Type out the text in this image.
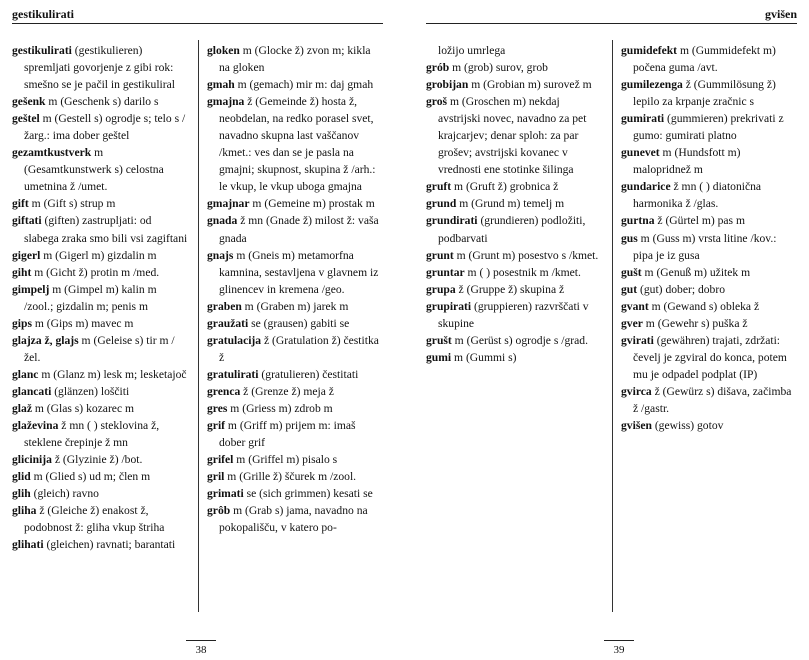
gestikulirati

gestikulirati (gestikulieren) spremljati govorjenje z gibi rok: smešno se je pačil in gestikuliral

gešenk m (Geschenk s) darilo s

geštel m (Gestell s) ogrodje s; telo s /žarg.: ima dober geštel

gezamtkustverk m (Gesamtkunstwerk s) celostna umetnina ž /umet.

gift m (Gift s) strup m

giftati (giften) zastrupljati: od slabega zraka smo bili vsi zagiftani

gigerl m (Gigerl m) gizdalin m

giht m (Gicht ž) protin m /med.

gimpelj m (Gimpel m) kalin m /zool.; gizdalin m; penis m

gips m (Gips m) mavec m

glajza ž, glajs m (Geleise s) tir m /žel.

glanc m (Glanz m) lesk m; lesketajoč

glancati (glänzen) loščiti

glaž m (Glas s) kozarec m

glaževina ž mn ( ) steklovina ž, steklene črepinje ž mn

glicinija ž (Glyzinie ž) /bot.

glid m (Glied s) ud m; člen m

glih (gleich) ravno

gliha ž (Gleiche ž) enakost ž, podobnost ž: gliha vkup štriha

glihati (gleichen) ravnati; barantati

gloken m (Glocke ž) zvon m; kikla na gloken

gmah m (gemach) mir m: daj gmah

gmajna ž (Gemeinde ž) hosta ž, neobdelan, na redko porasel svet, navadno skupna last vaščanov /kmet.: ves dan se je pasla na gmajni; skupnost, skupina ž /arh.: le vkup, le vkup uboga gmajna

gmajnar m (Gemeine m) prostak m

gnada ž mn (Gnade ž) milost ž: vaša gnada

gnajs m (Gneis m) metamorfna kamnina, sestavljena v glavnem iz glinencev in kremena /geo.

graben m (Graben m) jarek m

graužati se (grausen) gabiti se

gratulacija ž (Gratulation ž) čestitka ž

gratulirati (gratulieren) čestitati

grenca ž (Grenze ž) meja ž

gres m (Griess m) zdrob m

grif m (Griff m) prijem m: imaš dober grif

grifel m (Griffel m) pisalo s

gril m (Grille ž) ščurek m /zool.

grimati se (sich grimmen) kesati se

grôb m (Grab s) jama, navadno na pokopališču, v katero po-

38
gvišen

ložijo umrlega

grób m (grob) surov, grob

grobijan m (Grobian m) surovež m

groš m (Groschen m) nekdaj avstrijski novec, navadno za pet krajcarjev; denar sploh: za par grošev; avstrijski kovanec v vrednosti ene stotinke šilinga

gruft m (Gruft ž) grobnica ž

grund m (Grund m) temelj m

grundirati (grundieren) podložiti, podbarvati

grunt m (Grunt m) posestvo s /kmet.

gruntar m ( ) posestnik m /kmet.

grupa ž (Gruppe ž) skupina ž

grupirati (gruppieren) razvrščati v skupine

grušt m (Gerüst s) ogrodje s /grad.

gumi m (Gummi s)

gumidefekt m (Gummidefekt m) počena guma /avt.

gumilezenga ž (Gummilösung ž) lepilo za krpanje zračnic s

gumirati (gummieren) prekrivati z gumo: gumirati platno

gunevet m (Hundsfott m) malopridnež m

gundarice ž mn ( ) diatonična harmonika ž /glas.

gurtna ž (Gürtel m) pas m

gus m (Guss m) vrsta litine /kov.: pipa je iz gusa

gušt m (Genuß m) užitek m

gut (gut) dober; dobro

gvant m (Gewand s) obleka ž

gver m (Gewehr s) puška ž

gvirati (gewähren) trajati, zdržati: čevelj je zgviral do konca, potem mu je odpadel podplat (IP)

gvirca ž (Gewürz s) dišava, začimba ž /gastr.

gvišen (gewiss) gotov

39
